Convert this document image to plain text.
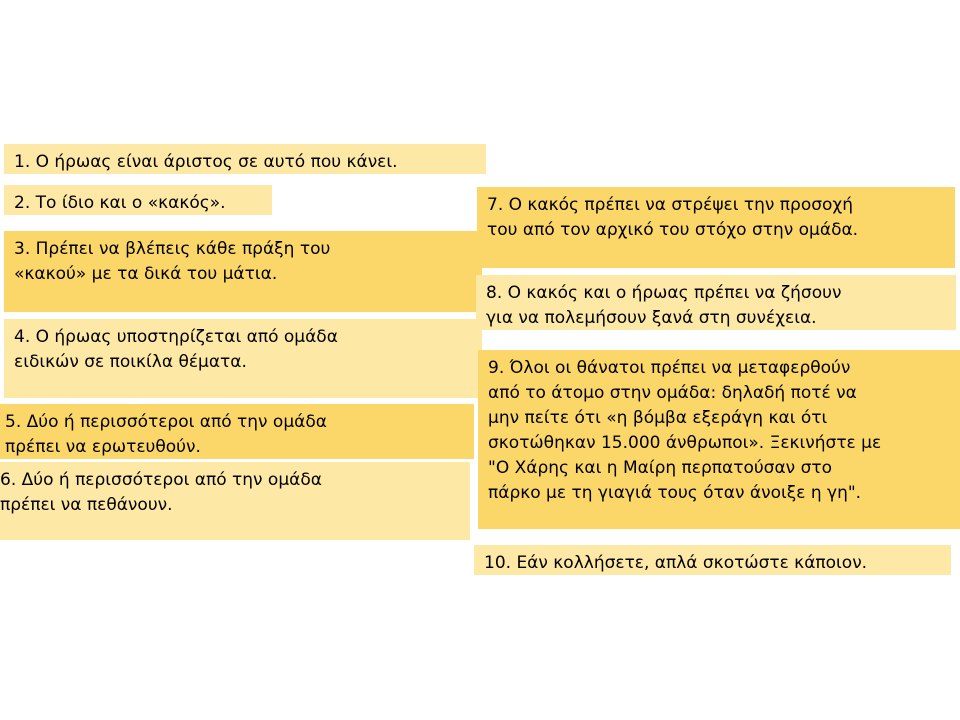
1. Ο ήρωας είναι άριστος σε αυτό που κάνει.
2. Το ίδιο και ο «κακός».
3. Πρέπει να βλέπεις κάθε πράξη του
«κακού» με τα δικά του μάτια.
4. Ο ήρωας υποστηρίζεται από ομάδα
ειδικών σε ποικίλα θέματα.
5. Δύο ή περισσότεροι από την ομάδα
πρέπει να ερωτευθούν.
6. Δύο ή περισσότεροι από την ομάδα
πρέπει να πεθάνουν.
7. Ο κακός πρέπει να στρέψει την προσοχή
του από τον αρχικό του στόχο στην ομάδα.
8. Ο κακός και ο ήρωας πρέπει να ζήσουν
για να πολεμήσουν ξανά στη συνέχεια.
9. Όλοι οι θάνατοι πρέπει να μεταφερθούν
από το άτομο στην ομάδα: δηλαδή ποτέ να
μην πείτε ότι «η βόμβα εξεράγη και ότι
σκοτώθηκαν 15.000 άνθρωποι». Ξεκινήστε με
"Ο Χάρης και η Μαίρη περπατούσαν στο
πάρκο με τη γιαγιά τους όταν άνοιξε η γη".
10. Εάν κολλήσετε, απλά σκοτώστε κάποιον.
